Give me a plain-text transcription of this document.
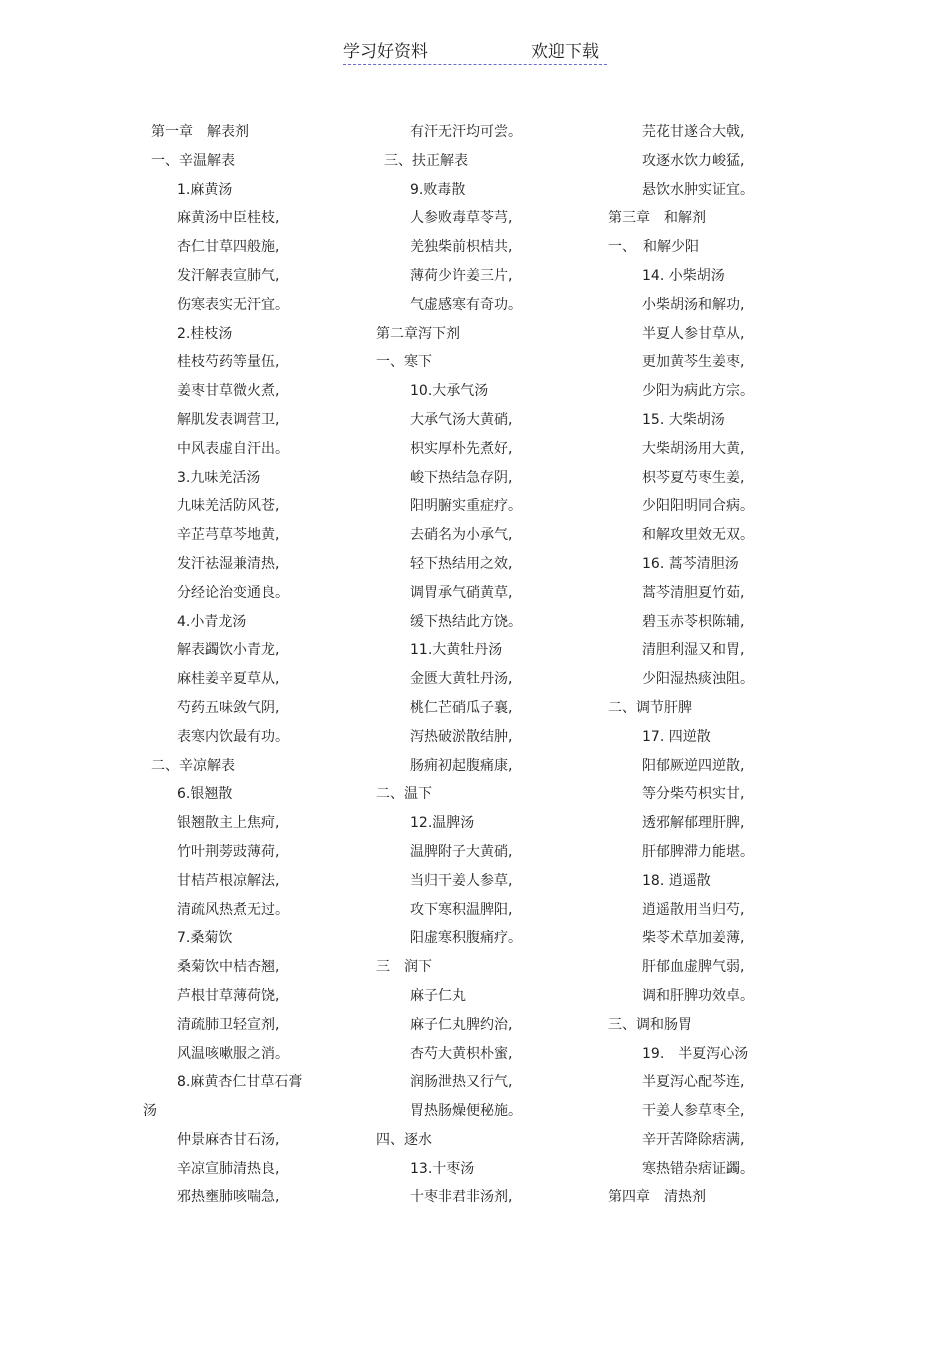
学习好资料	欢迎下载
第一章　解表剂
一、辛温解表
1.麻黄汤
麻黄汤中臣桂枝,
杏仁甘草四般施,
发汗解表宣肺气,
伤寒表实无汗宜。
2.桂枝汤
桂枝芍药等量伍,
姜枣甘草微火煮,
解肌发表调营卫,
中风表虚自汗出。
3.九味羌活汤
九味羌活防风苍,
辛芷芎草芩地黄,
发汗祛湿兼清热,
分经论治变通良。
4.小青龙汤
解表蠲饮小青龙,
麻桂姜辛夏草从,
芍药五味敛气阴,
表寒内饮最有功。
二、辛凉解表
6.银翘散
银翘散主上焦疴,
竹叶荆蒡豉薄荷,
甘桔芦根凉解法,
清疏风热煮无过。
7.桑菊饮
桑菊饮中桔杏翘,
芦根甘草薄荷饶,
清疏肺卫轻宣剂,
风温咳嗽服之消。
8.麻黄杏仁甘草石膏
汤
仲景麻杏甘石汤,
辛凉宣肺清热良,
邪热壅肺咳喘急,
有汗无汗均可尝。
三、扶正解表
9.败毒散
人参败毒草苓芎,
羌独柴前枳桔共,
薄荷少许姜三片,
气虚感寒有奇功。
第二章泻下剂
一、寒下
10.大承气汤
大承气汤大黄硝,
枳实厚朴先煮好,
峻下热结急存阴,
阳明腑实重症疗。
去硝名为小承气,
轻下热结用之效,
调胃承气硝黄草,
缓下热结此方饶。
11.大黄牡丹汤
金匮大黄牡丹汤,
桃仁芒硝瓜子襄,
泻热破淤散结肿,
肠痈初起腹痛康,
二、温下
12.温脾汤
温脾附子大黄硝,
当归干姜人参草,
攻下寒积温脾阳,
阳虚寒积腹痛疗。
三　润下
麻子仁丸
麻子仁丸脾约治,
杏芍大黄枳朴蜜,
润肠泄热又行气,
胃热肠燥便秘施。
四、逐水
13.十枣汤
十枣非君非汤剂,
芫花甘遂合大戟,
攻逐水饮力峻猛,
悬饮水肿实证宜。
第三章　和解剂
一、　和解少阳
14. 小柴胡汤
小柴胡汤和解功,
半夏人参甘草从,
更加黄芩生姜枣,
少阳为病此方宗。
15. 大柴胡汤
大柴胡汤用大黄,
枳芩夏芍枣生姜,
少阳阳明同合病。
和解攻里效无双。
16. 蒿芩清胆汤
蒿芩清胆夏竹茹,
碧玉赤苓枳陈辅,
清胆利湿又和胃,
少阳湿热痰浊阻。
二、调节肝脾
17. 四逆散
阳郁厥逆四逆散,
等分柴芍枳实甘,
透邪解郁理肝脾,
肝郁脾滞力能堪。
18. 逍遥散
逍遥散用当归芍,
柴苓术草加姜薄,
肝郁血虚脾气弱,
调和肝脾功效卓。
三、调和肠胃
19.　半夏泻心汤
半夏泻心配芩连,
干姜人参草枣全,
辛开苦降除痞满,
寒热错杂痞证蠲。
第四章　清热剂
